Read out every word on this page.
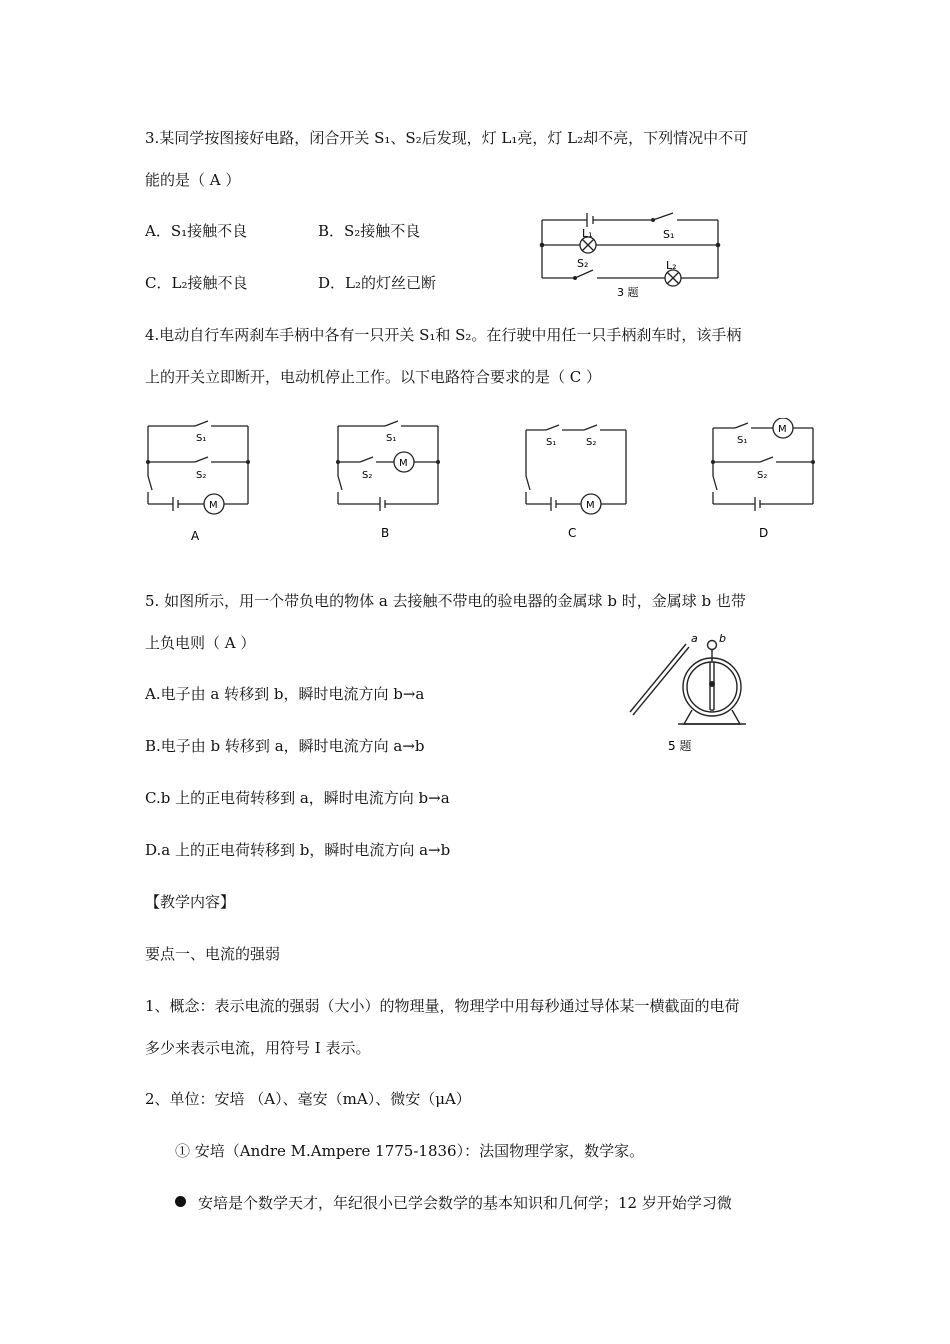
3.某同学按图接好电路，闭合开关 S₁、S₂后发现，灯 L₁亮，灯 L₂却不亮，下列情况中不可
能的是（ A ）
A．S₁接触不良	B．S₂接触不良
C．L₂接触不良	D．L₂的灯丝已断
L₁	S₁
S₂	L₂
3 题
4.电动自行车两刹车手柄中各有一只开关 S₁和 S₂。在行驶中用任一只手柄刹车时，该手柄
上的开关立即断开，电动机停止工作。以下电路符合要求的是（ C ）
S₁
S₂
M
A
S₁
S₂
M
B
S₁	S₂
M
C
S₁
S₂
M
D
5. 如图所示，用一个带负电的物体 a 去接触不带电的验电器的金属球 b 时，金属球 b 也带
上负电则（ A ）
A.电子由 a 转移到 b，瞬时电流方向 b→a
B.电子由 b 转移到 a，瞬时电流方向 a→b
C.b 上的正电荷转移到 a，瞬时电流方向 b→a
D.a 上的正电荷转移到 b，瞬时电流方向 a→b
a b
5 题
【教学内容】
要点一、电流的强弱
1、概念：表示电流的强弱（大小）的物理量，物理学中用每秒通过导体某一横截面的电荷
多少来表示电流，用符号 I 表示。
2、单位：安培 （A）、毫安（mA）、微安（μA）
① 安培（Andre M.Ampere 1775-1836）：法国物理学家，数学家。
安培是个数学天才，年纪很小已学会数学的基本知识和几何学；12 岁开始学习微
